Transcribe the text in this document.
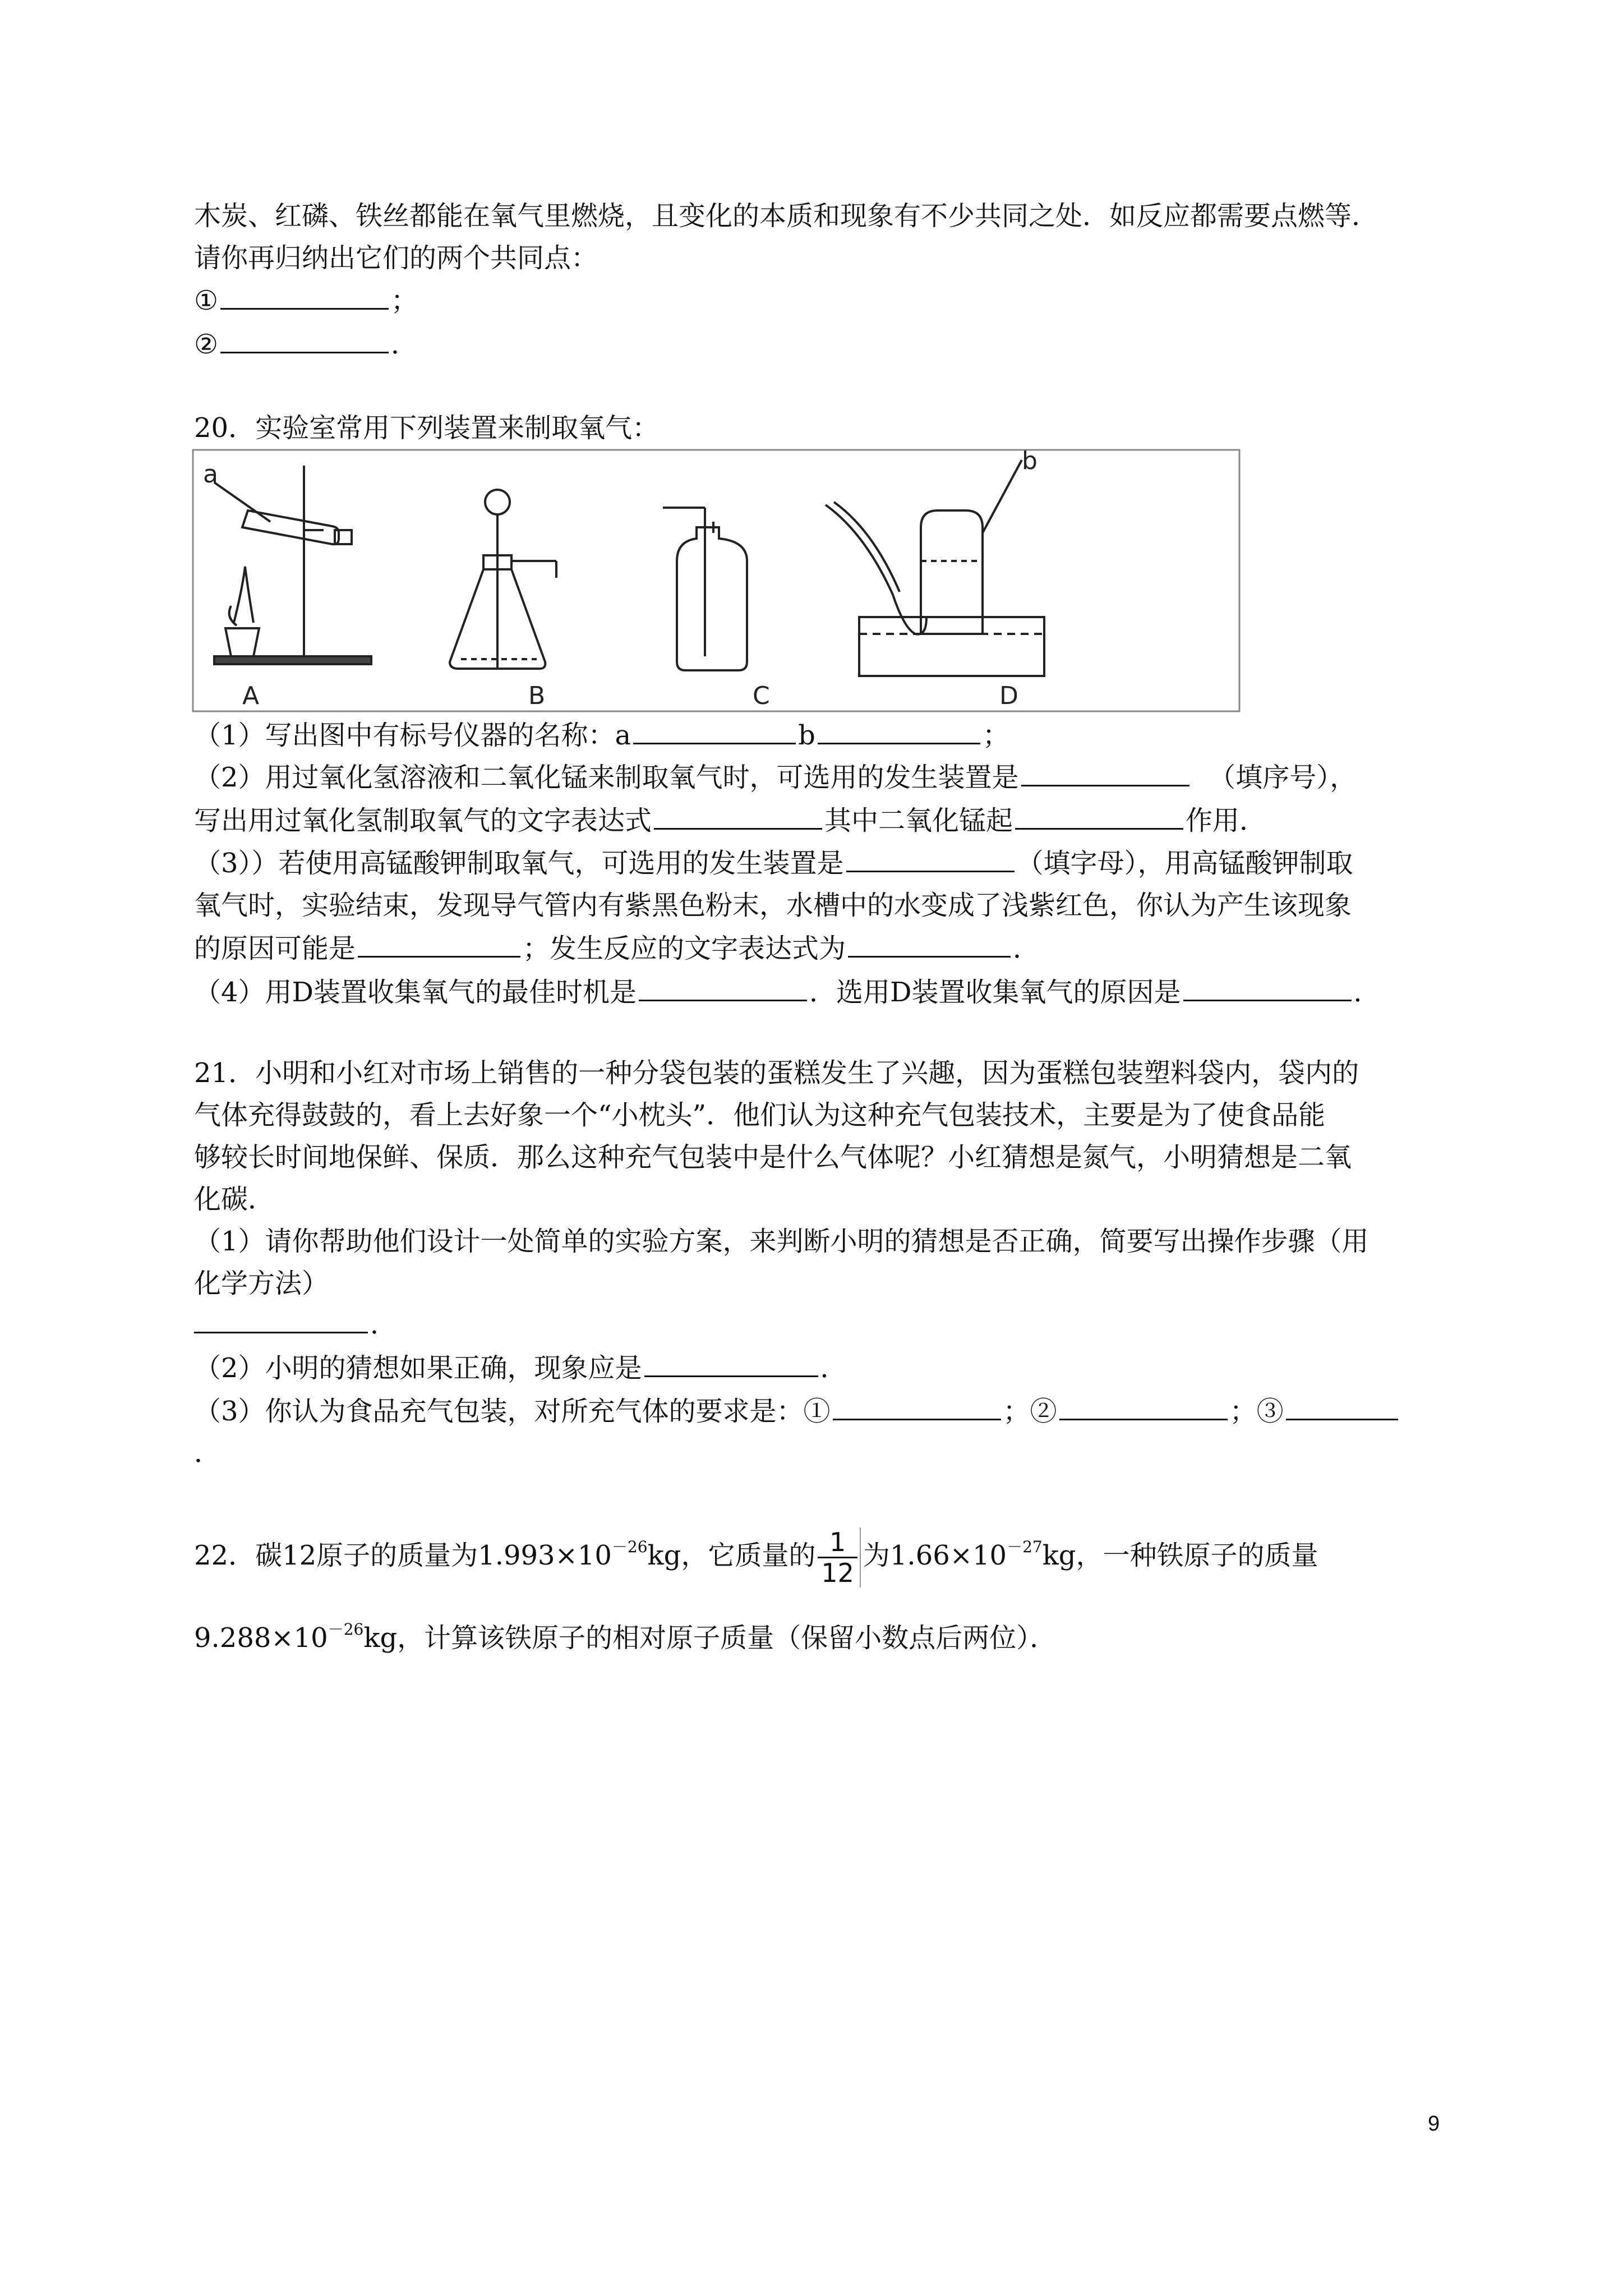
木炭、红磷、铁丝都能在氧气里燃烧，且变化的本质和现象有不少共同之处．如反应都需要点燃等．
请你再归纳出它们的两个共同点：
①	；
②	．
20．实验室常用下列装置来制取氧气：
a	b
A	B	C	D
（1）写出图中有标号仪器的名称：a	b	；
（2）用过氧化氢溶液和二氧化锰来制取氧气时，可选用的发生装置是	（填序号），
写出用过氧化氢制取氧气的文字表达式	其中二氧化锰起	作用．
（3））若使用高锰酸钾制取氧气，可选用的发生装置是	（填字母），用高锰酸钾制取
氧气时，实验结束，发现导气管内有紫黑色粉末，水槽中的水变成了浅紫红色，你认为产生该现象
的原因可能是	；发生反应的文字表达式为	．
（4）用D装置收集氧气的最佳时机是	．选用D装置收集氧气的原因是	．
21．小明和小红对市场上销售的一种分袋包装的蛋糕发生了兴趣，因为蛋糕包装塑料袋内，袋内的
气体充得鼓鼓的，看上去好象一个“小枕头”．他们认为这种充气包装技术，主要是为了使食品能
够较长时间地保鲜、保质．那么这种充气包装中是什么气体呢？小红猜想是氮气，小明猜想是二氧
化碳．
（1）请你帮助他们设计一处简单的实验方案，来判断小明的猜想是否正确，简要写出操作步骤（用
化学方法）
．
（2）小明的猜想如果正确，现象应是	．
（3）你认为食品充气包装，对所充气体的要求是：①	；②	；③
．
22．碳12原子的质量为$1.993\times 10^{-26}kg$，它质量的 $\frac{1}{12}$ 为$1.66\times 10^{-27}kg$，一种铁原子的质量
$9.288\times 10^{-26}kg$，计算该铁原子的相对原子质量（保留小数点后两位）．
9
